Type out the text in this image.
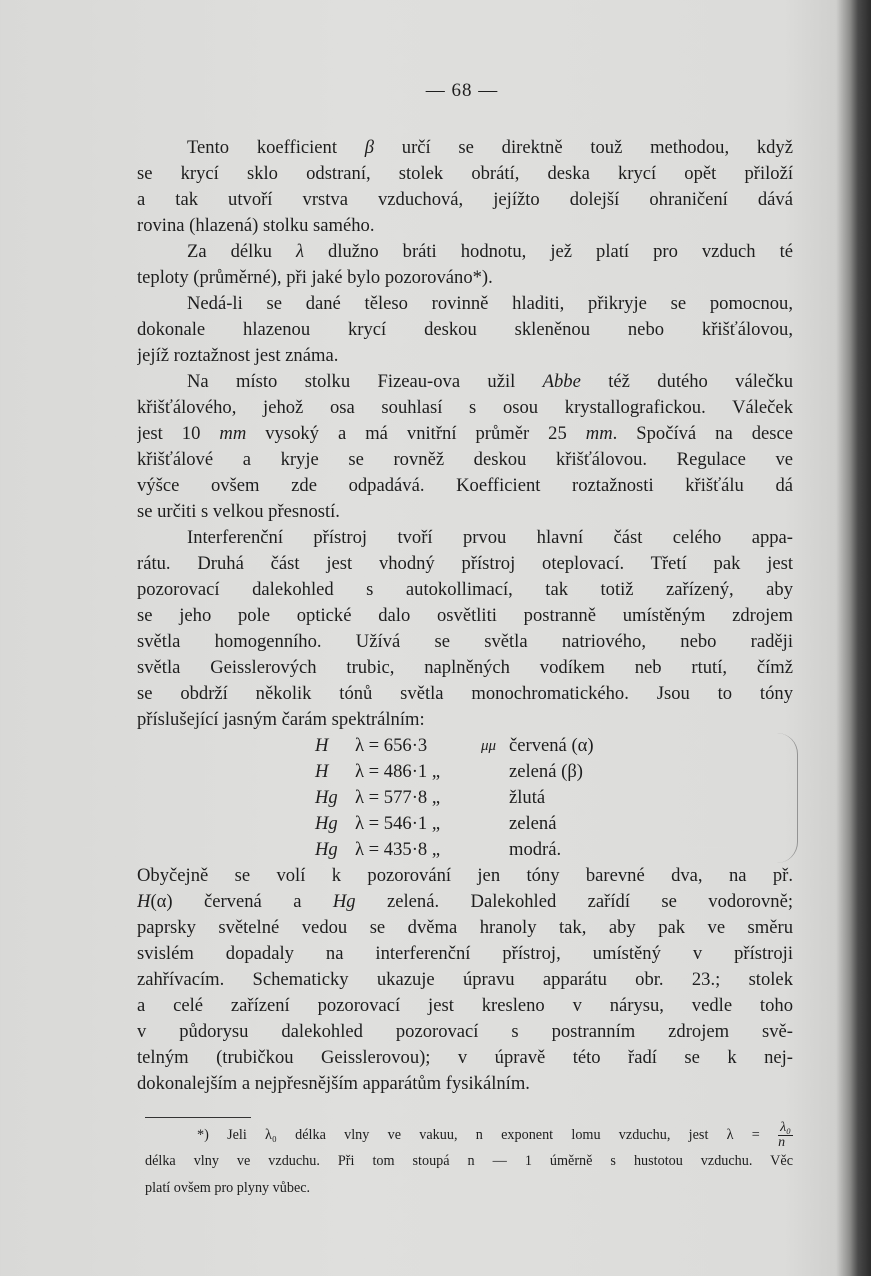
— 68 —
Tento koefficient β určí se direktně touž methodou, když
se krycí sklo odstraní, stolek obrátí, deska krycí opět přiloží
a tak utvoří vrstva vzduchová, jejížto dolejší ohraničení dává
rovina (hlazená) stolku samého.
Za délku λ dlužno bráti hodnotu, jež platí pro vzduch té
teploty (průměrné), při jaké bylo pozorováno*).
Nedá-li se dané těleso rovinně hladiti, přikryje se pomocnou,
dokonale hlazenou krycí deskou skleněnou nebo křišťálovou,
jejíž roztažnost jest známa.
Na místo stolku Fizeau-ova užil Abbe též dutého válečku
křišťálového, jehož osa souhlasí s osou krystallografickou. Váleček
jest 10 mm vysoký a má vnitřní průměr 25 mm. Spočívá na desce
křišťálové a kryje se rovněž deskou křišťálovou. Regulace ve
výšce ovšem zde odpadává. Koefficient roztažnosti křišťálu dá
se určiti s velkou přesností.
Interferenční přístroj tvoří prvou hlavní část celého appa-
rátu. Druhá část jest vhodný přístroj oteplovací. Třetí pak jest
pozorovací dalekohled s autokollimací, tak totiž zařízený, aby
se jeho pole optické dalo osvětliti postranně umístěným zdrojem
světla homogenního. Užívá se světla natriového, nebo raději
světla Geisslerových trubic, naplněných vodíkem neb rtutí, čímž
se obdrží několik tónů světla monochromatického. Jsou to tóny
příslušející jasným čarám spektrálním:
H λ = 656·3	μμ červená (α)
H λ = 486·1 „	zelená (β)
Hg λ = 577·8 „	žlutá
Hg λ = 546·1 „	zelená
Hg λ = 435·8 „	modrá.
Obyčejně se volí k pozorování jen tóny barevné dva, na př.
H(α) červená a Hg zelená. Dalekohled zařídí se vodorovně;
paprsky světelné vedou se dvěma hranoly tak, aby pak ve směru
svislém dopadaly na interferenční přístroj, umístěný v přístroji
zahřívacím. Schematicky ukazuje úpravu apparátu obr. 23.; stolek
a celé zařízení pozorovací jest kresleno v nárysu, vedle toho
v půdorysu dalekohled pozorovací s postranním zdrojem svě-
telným (trubičkou Geisslerovou); v úpravě této řadí se k nej-
dokonalejším a nejpřesnějším apparátům fysikálním.
*) Jeli λ₀ délka vlny ve vakuu, n exponent lomu vzduchu, jest $\lambda = \frac{\text{λ₀}}{n}$
délka vlny ve vzduchu. Při tom stoupá n — 1 úměrně s hustotou vzduchu. Věc
platí ovšem pro plyny vůbec.
